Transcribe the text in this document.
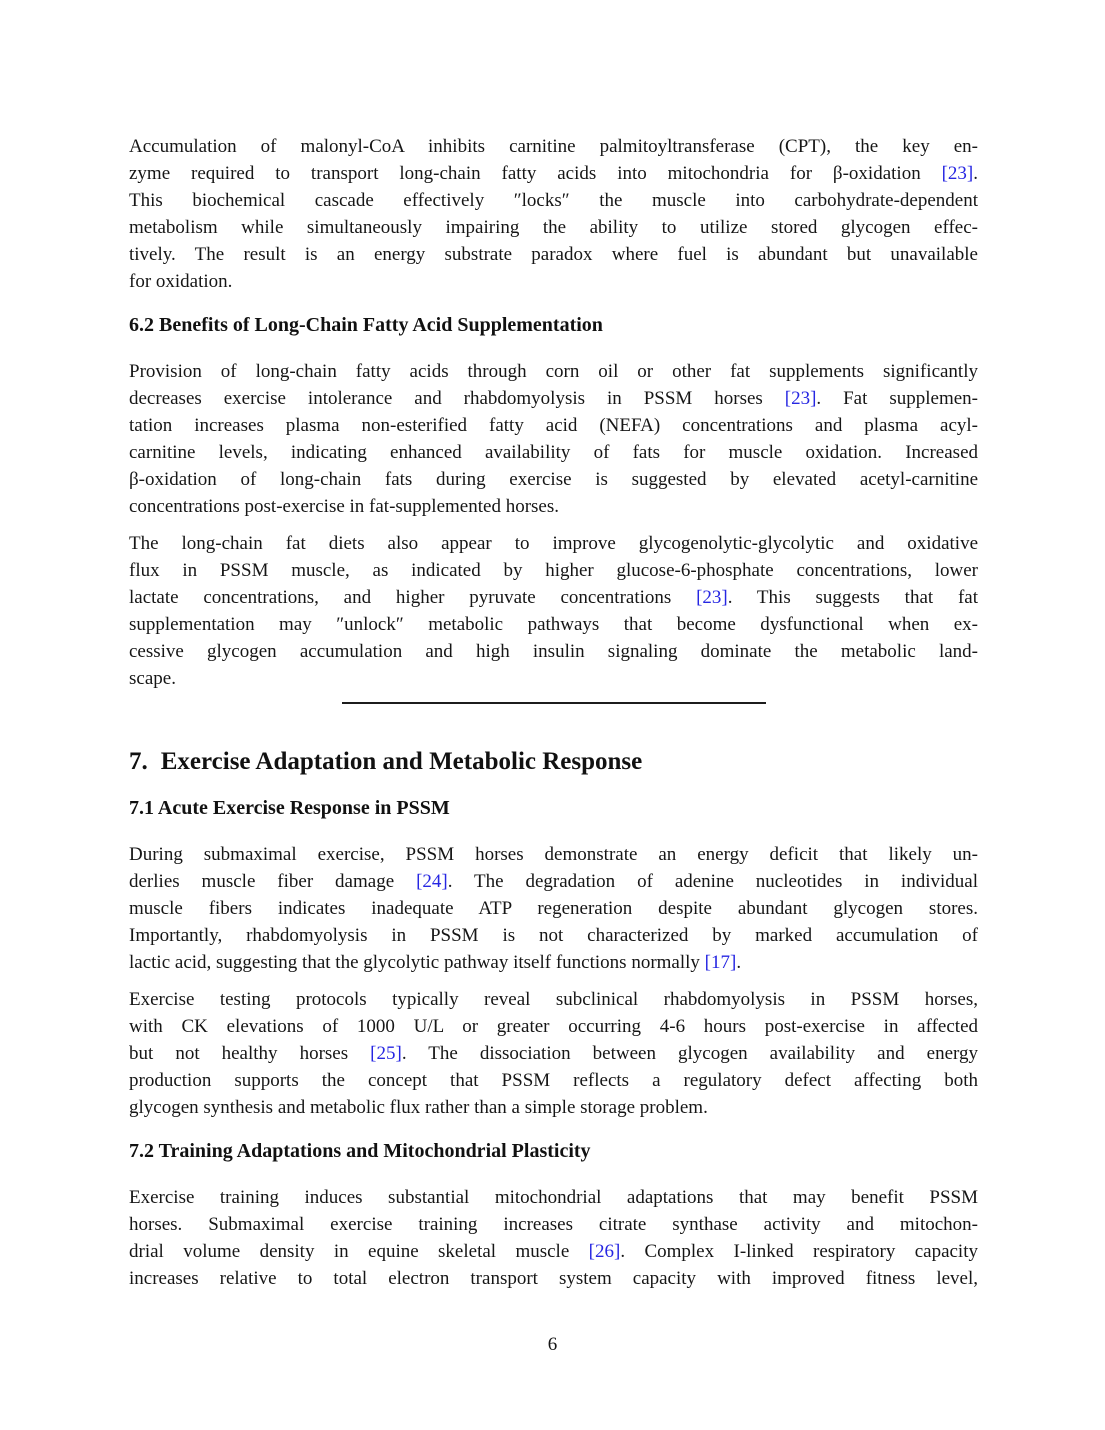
Accumulation of malonyl-CoA inhibits carnitine palmitoyltransferase (CPT), the key en-
zyme required to transport long-chain fatty acids into mitochondria for β-oxidation [23].
This biochemical cascade effectively ″locks″ the muscle into carbohydrate-dependent
metabolism while simultaneously impairing the ability to utilize stored glycogen effec-
tively. The result is an energy substrate paradox where fuel is abundant but unavailable
for oxidation.
6.2 Benefits of Long-Chain Fatty Acid Supplementation
Provision of long-chain fatty acids through corn oil or other fat supplements significantly
decreases exercise intolerance and rhabdomyolysis in PSSM horses [23]. Fat supplemen-
tation increases plasma non-esterified fatty acid (NEFA) concentrations and plasma acyl-
carnitine levels, indicating enhanced availability of fats for muscle oxidation. Increased
β-oxidation of long-chain fats during exercise is suggested by elevated acetyl-carnitine
concentrations post-exercise in fat-supplemented horses.
The long-chain fat diets also appear to improve glycogenolytic-glycolytic and oxidative
flux in PSSM muscle, as indicated by higher glucose-6-phosphate concentrations, lower
lactate concentrations, and higher pyruvate concentrations [23]. This suggests that fat
supplementation may ″unlock″ metabolic pathways that become dysfunctional when ex-
cessive glycogen accumulation and high insulin signaling dominate the metabolic land-
scape.
7. Exercise Adaptation and Metabolic Response
7.1 Acute Exercise Response in PSSM
During submaximal exercise, PSSM horses demonstrate an energy deficit that likely un-
derlies muscle fiber damage [24]. The degradation of adenine nucleotides in individual
muscle fibers indicates inadequate ATP regeneration despite abundant glycogen stores.
Importantly, rhabdomyolysis in PSSM is not characterized by marked accumulation of
lactic acid, suggesting that the glycolytic pathway itself functions normally [17].
Exercise testing protocols typically reveal subclinical rhabdomyolysis in PSSM horses,
with CK elevations of 1000 U/L or greater occurring 4-6 hours post-exercise in affected
but not healthy horses [25]. The dissociation between glycogen availability and energy
production supports the concept that PSSM reflects a regulatory defect affecting both
glycogen synthesis and metabolic flux rather than a simple storage problem.
7.2 Training Adaptations and Mitochondrial Plasticity
Exercise training induces substantial mitochondrial adaptations that may benefit PSSM
horses. Submaximal exercise training increases citrate synthase activity and mitochon-
drial volume density in equine skeletal muscle [26]. Complex I-linked respiratory capacity
increases relative to total electron transport system capacity with improved fitness level,
6
